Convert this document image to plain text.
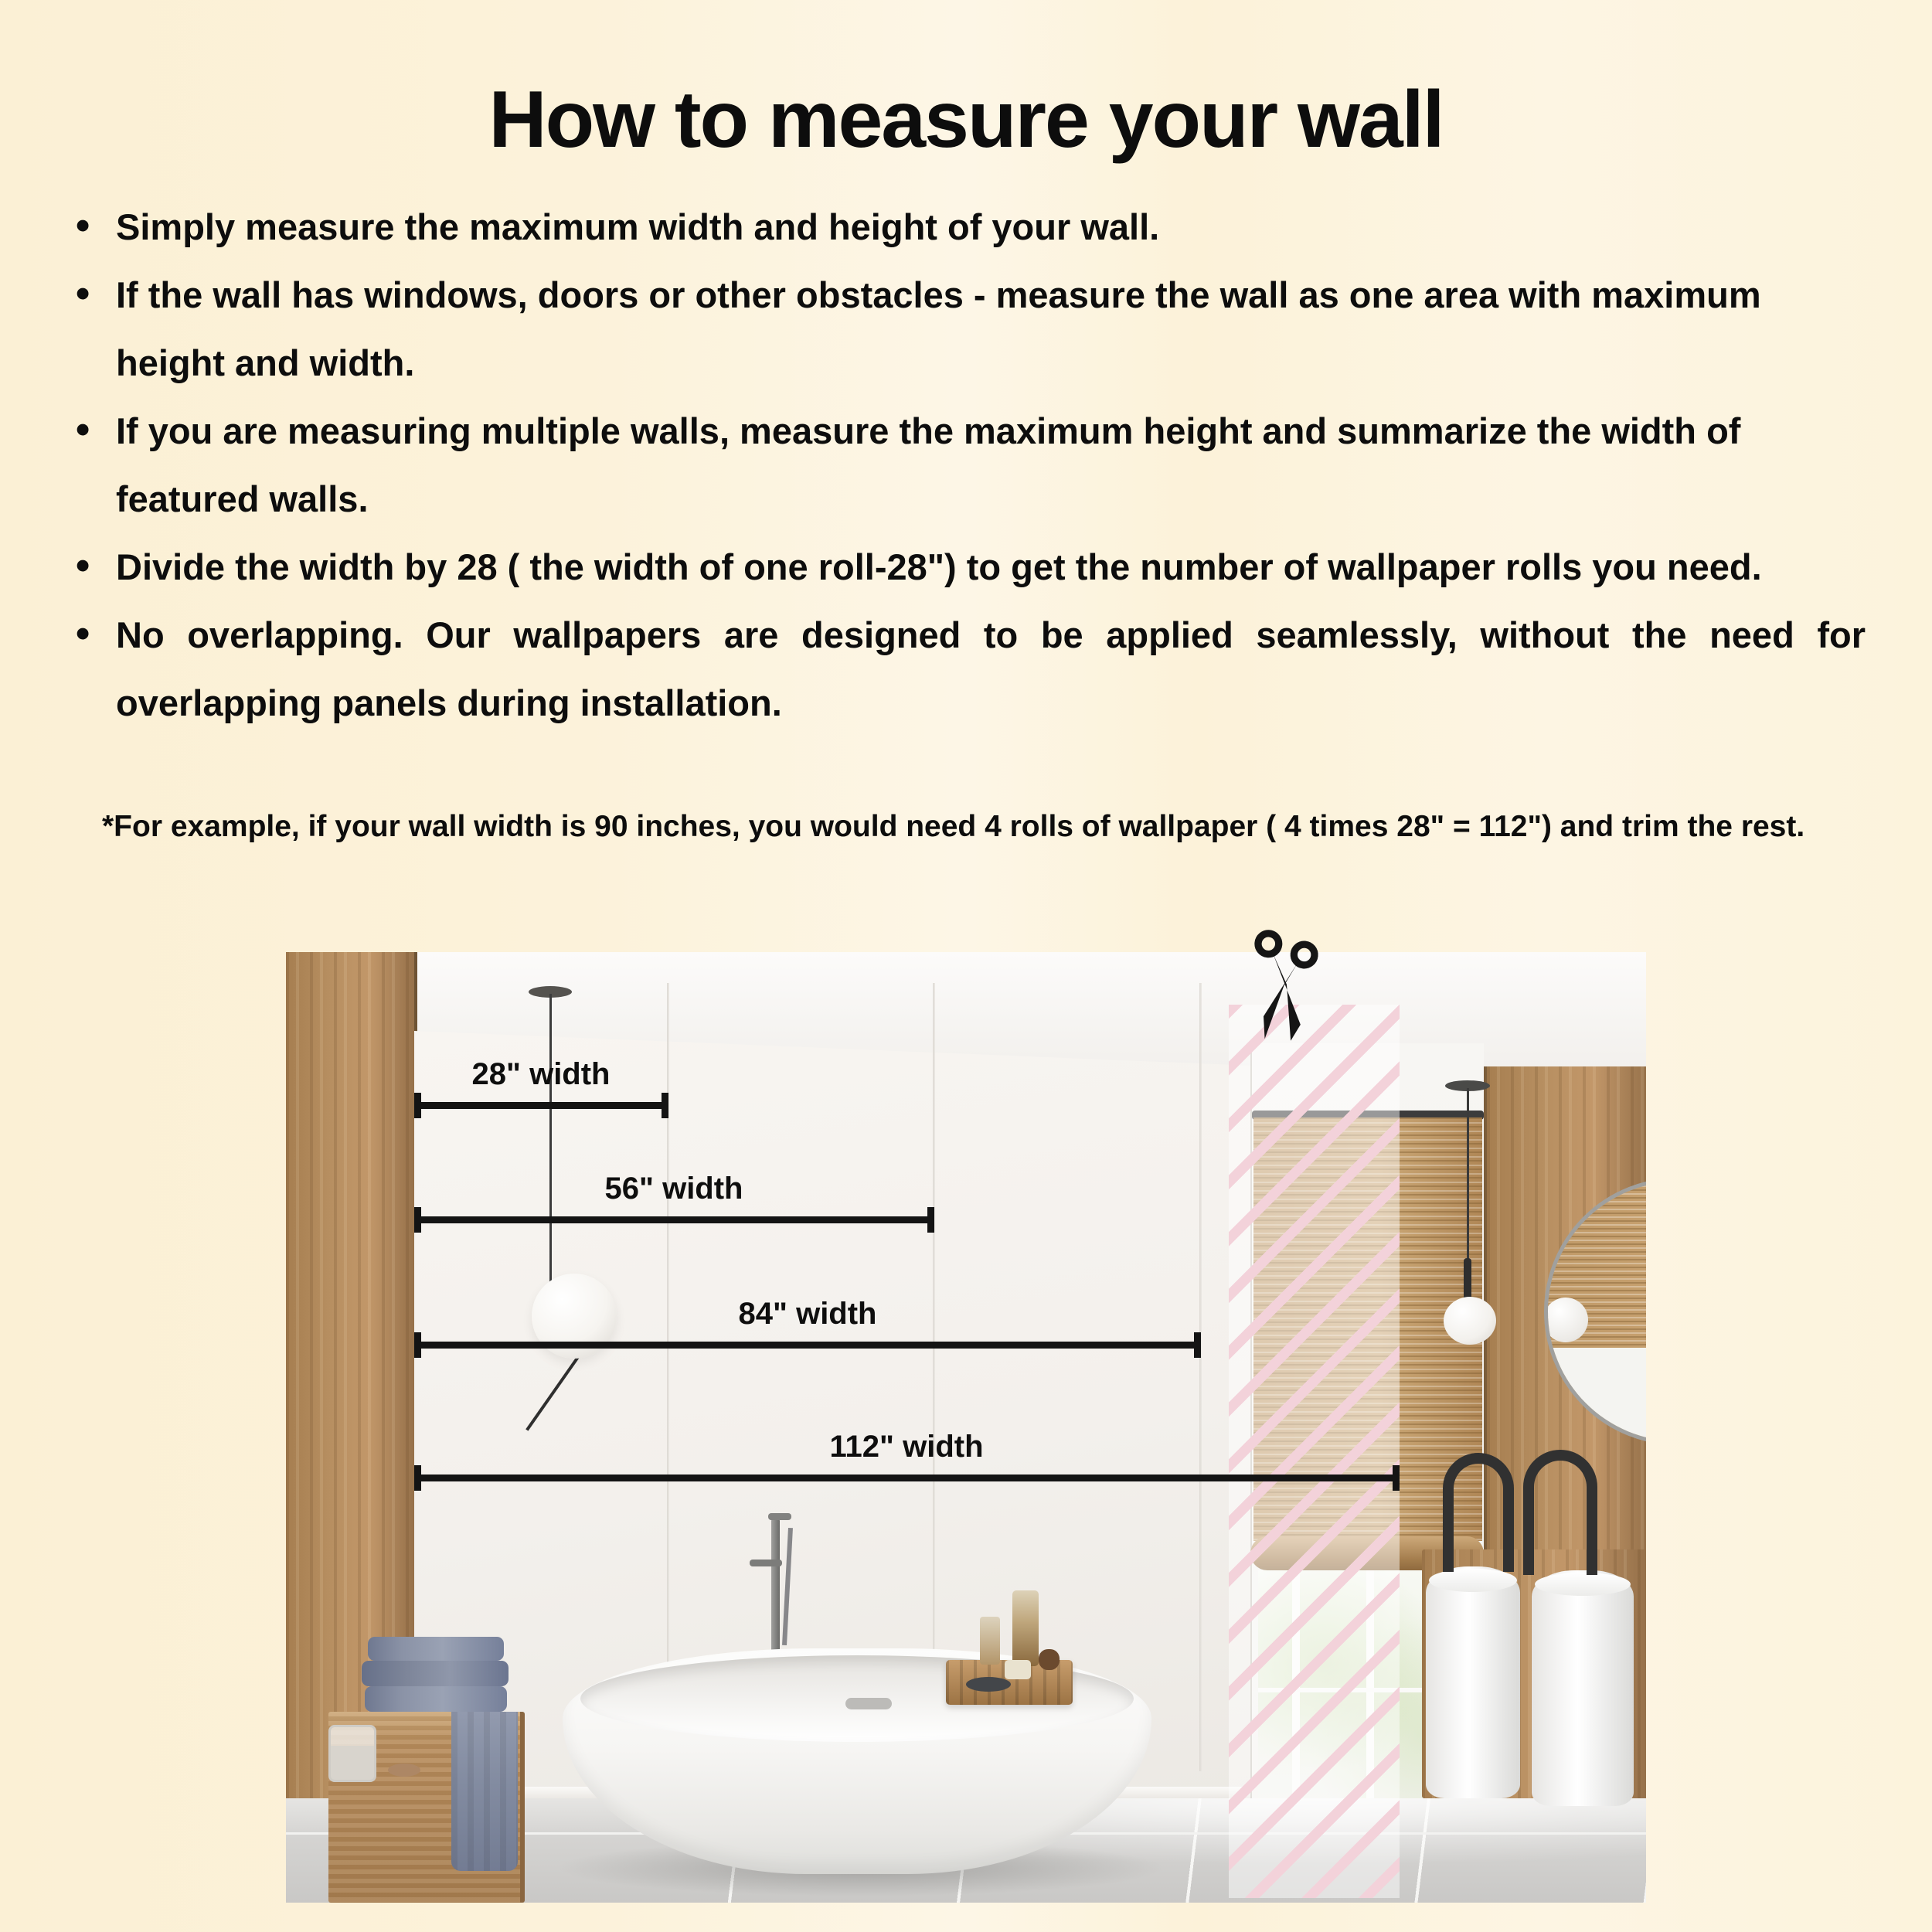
How to measure your wall
• Simply measure the maximum width and height of your wall.
• If the wall has windows, doors or other obstacles - measure the wall as one area with maximum height and width.
• If you are measuring multiple walls, measure the maximum height and summarize the width of featured walls.
• Divide the width by 28 ( the width of one roll-28") to get the number of wallpaper rolls you need.
• No overlapping. Our wallpapers are designed to be applied seamlessly, without the need for overlapping panels during installation.
*For example, if your wall width is 90 inches, you would need 4 rolls of wallpaper ( 4 times 28" = 112") and trim the rest.
28" width
56" width
84" width
112" width
